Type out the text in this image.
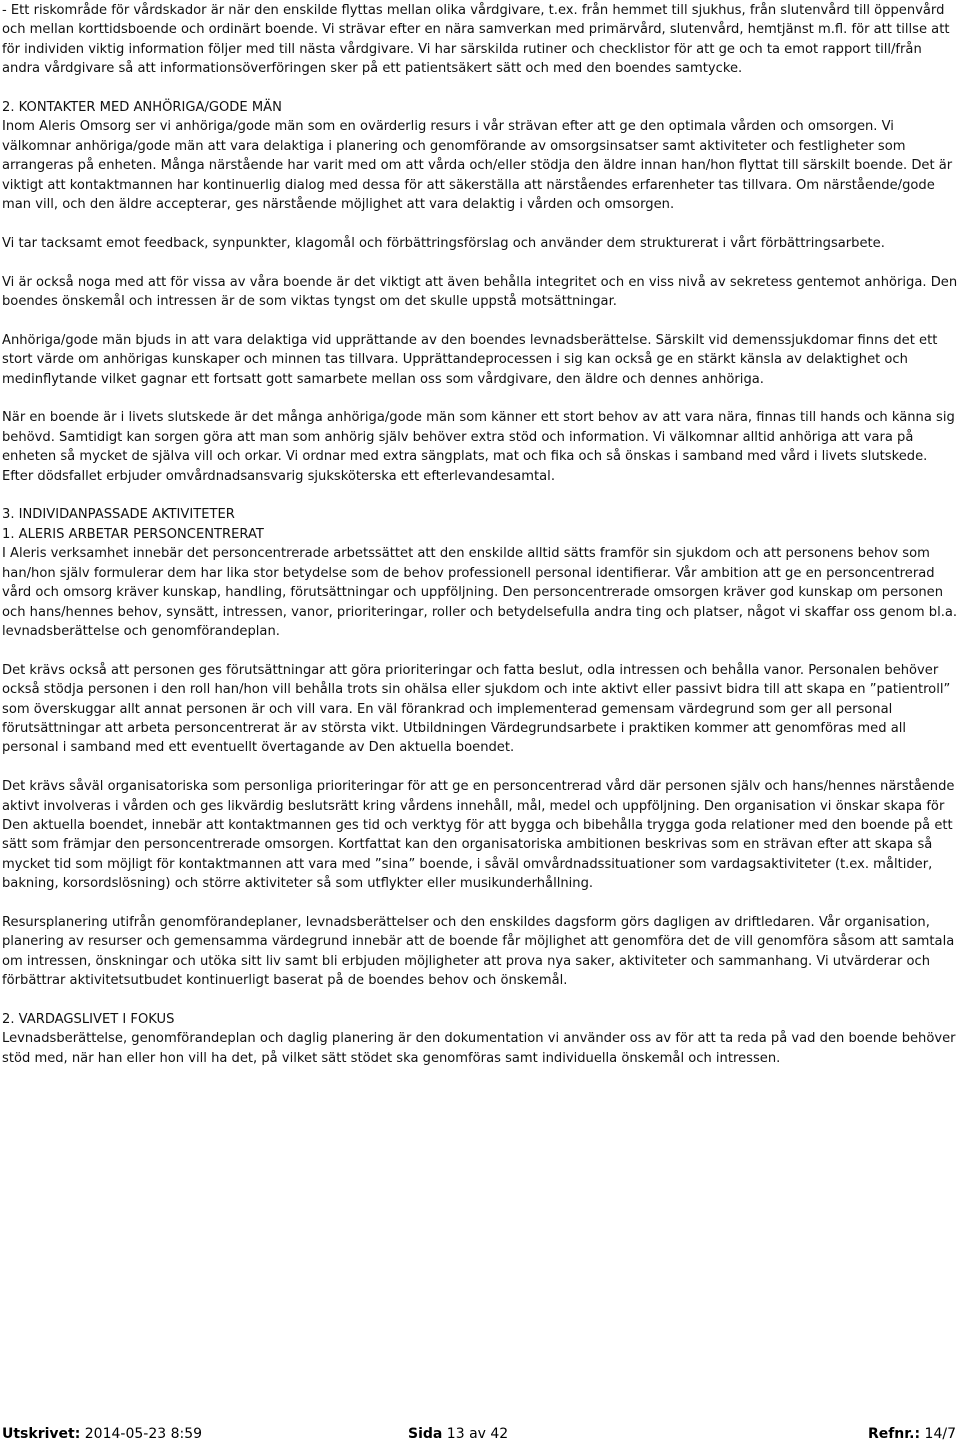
- Ett riskområde för vårdskador är när den enskilde flyttas mellan olika vårdgivare, t.ex. från hemmet till sjukhus, från slutenvård till öppenvård och mellan korttidsboende och ordinärt boende. Vi strävar efter en nära samverkan med primärvård, slutenvård, hemtjänst m.fl. för att tillse att för individen viktig information följer med till nästa vårdgivare. Vi har särskilda rutiner och checklistor för att ge och ta emot rapport till/från andra vårdgivare så att informationsöverföringen sker på ett patientsäkert sätt och med den boendes samtycke.

2. KONTAKTER MED ANHÖRIGA/GODE MÄN

Inom Aleris Omsorg ser vi anhöriga/gode män som en ovärderlig resurs i vår strävan efter att ge den optimala vården och omsorgen. Vi välkomnar anhöriga/gode män att vara delaktiga i planering och genomförande av omsorgsinsatser samt aktiviteter och festligheter som arrangeras på enheten. Många närstående har varit med om att vårda och/eller stödja den äldre innan han/hon flyttat till särskilt boende. Det är viktigt att kontaktmannen har kontinuerlig dialog med dessa för att säkerställa att närståendes erfarenheter tas tillvara. Om närstående/gode man vill, och den äldre accepterar, ges närstående möjlighet att vara delaktig i vården och omsorgen.

Vi tar tacksamt emot feedback, synpunkter, klagomål och förbättringsförslag och använder dem strukturerat i vårt förbättringsarbete.

Vi är också noga med att för vissa av våra boende är det viktigt att även behålla integritet och en viss nivå av sekretess gentemot anhöriga. Den boendes önskemål och intressen är de som viktas tyngst om det skulle uppstå motsättningar.

Anhöriga/gode män bjuds in att vara delaktiga vid upprättande av den boendes levnadsberättelse. Särskilt vid demenssjukdomar finns det ett stort värde om anhörigas kunskaper och minnen tas tillvara. Upprättandeprocessen i sig kan också ge en stärkt känsla av delaktighet och medinflytande vilket gagnar ett fortsatt gott samarbete mellan oss som vårdgivare, den äldre och dennes anhöriga.

När en boende är i livets slutskede är det många anhöriga/gode män som känner ett stort behov av att vara nära, finnas till hands och känna sig behövd. Samtidigt kan sorgen göra att man som anhörig själv behöver extra stöd och information. Vi välkomnar alltid anhöriga att vara på enheten så mycket de själva vill och orkar. Vi ordnar med extra sängplats, mat och fika och så önskas i samband med vård i livets slutskede. Efter dödsfallet erbjuder omvårdnadsansvarig sjuksköterska ett efterlevandesamtal.

3. INDIVIDANPASSADE AKTIVITETER

1. ALERIS ARBETAR PERSONCENTRERAT

I Aleris verksamhet innebär det personcentrerade arbetssättet att den enskilde alltid sätts framför sin sjukdom och att personens behov som han/hon själv formulerar dem har lika stor betydelse som de behov professionell personal identifierar. Vår ambition att ge en personcentrerad vård och omsorg kräver kunskap, handling, förutsättningar och uppföljning. Den personcentrerade omsorgen kräver god kunskap om personen och hans/hennes behov, synsätt, intressen, vanor, prioriteringar, roller och betydelsefulla andra ting och platser, något vi skaffar oss genom bl.a. levnadsberättelse och genomförandeplan.

Det krävs också att personen ges förutsättningar att göra prioriteringar och fatta beslut, odla intressen och behålla vanor. Personalen behöver också stödja personen i den roll han/hon vill behålla trots sin ohälsa eller sjukdom och inte aktivt eller passivt bidra till att skapa en ”patientroll” som överskuggar allt annat personen är och vill vara. En väl förankrad och implementerad gemensam värdegrund som ger all personal förutsättningar att arbeta personcentrerat är av största vikt. Utbildningen Värdegrundsarbete i praktiken kommer att genomföras med all personal i samband med ett eventuellt övertagande av Den aktuella boendet.

Det krävs såväl organisatoriska som personliga prioriteringar för att ge en personcentrerad vård där personen själv och hans/hennes närstående aktivt involveras i vården och ges likvärdig beslutsrätt kring vårdens innehåll, mål, medel och uppföljning. Den organisation vi önskar skapa för Den aktuella boendet, innebär att kontaktmannen ges tid och verktyg för att bygga och bibehålla trygga goda relationer med den boende på ett sätt som främjar den personcentrerade omsorgen. Kortfattat kan den organisatoriska ambitionen beskrivas som en strävan efter att skapa så mycket tid som möjligt för kontaktmannen att vara med ”sina” boende, i såväl omvårdnadssituationer som vardagsaktiviteter (t.ex. måltider, bakning, korsordslösning) och större aktiviteter så som utflykter eller musikunderhållning.

Resursplanering utifrån genomförandeplaner, levnadsberättelser och den enskildes dagsform görs dagligen av driftledaren. Vår organisation, planering av resurser och gemensamma värdegrund innebär att de boende får möjlighet att genomföra det de vill genomföra såsom att samtala om intressen, önskningar och utöka sitt liv samt bli erbjuden möjligheter att prova nya saker, aktiviteter och sammanhang. Vi utvärderar och förbättrar aktivitetsutbudet kontinuerligt baserat på de boendes behov och önskemål.

2. VARDAGSLIVET I FOKUS

Levnadsberättelse, genomförandeplan och daglig planering är den dokumentation vi använder oss av för att ta reda på vad den boende behöver stöd med, när han eller hon vill ha det, på vilket sätt stödet ska genomföras samt individuella önskemål och intressen.

Utskrivet: 2014-05-23 8:59	Sida 13 av 42	Refnr.: 14/7
